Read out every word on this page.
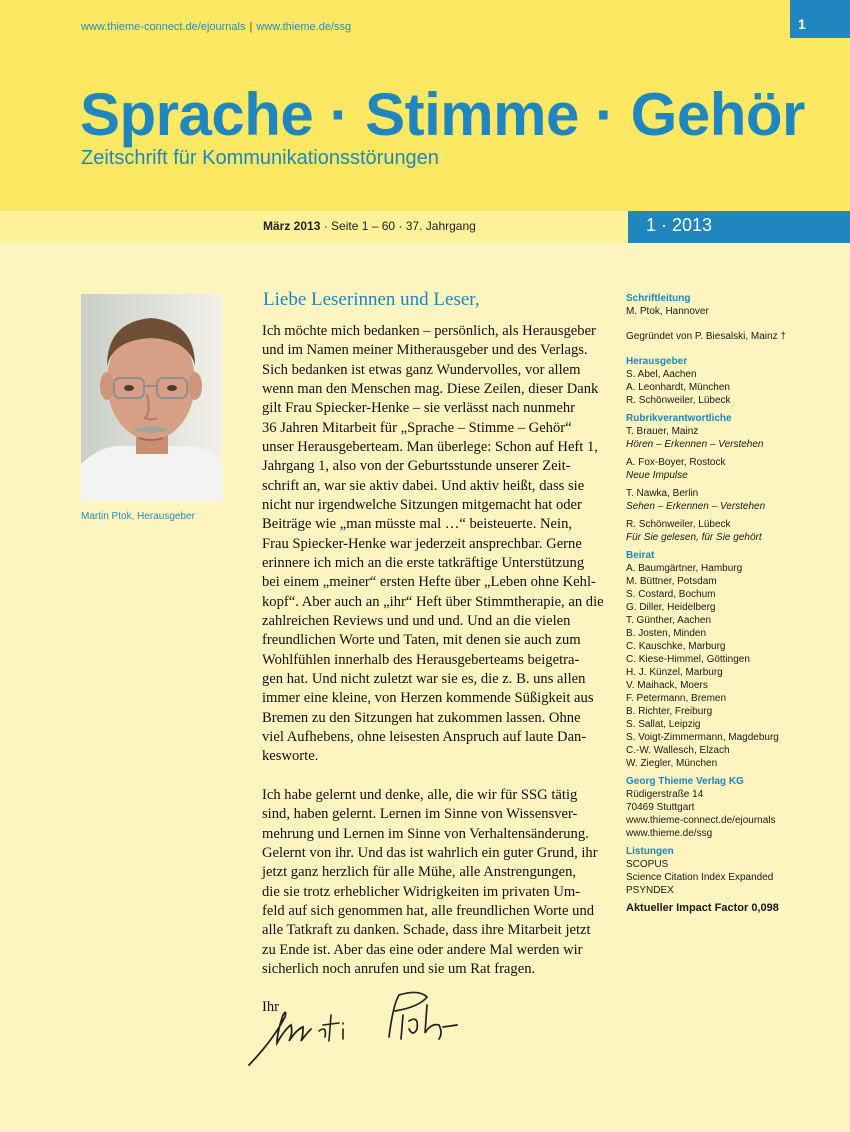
www.thieme-connect.de/ejournals | www.thieme.de/ssg	1
Sprache · Stimme · Gehör
Zeitschrift für Kommunikationsstörungen
März 2013 · Seite 1 – 60 · 37. Jahrgang	1 · 2013
Martin Ptok, Herausgeber
Liebe Leserinnen und Leser,
Ich möchte mich bedanken – persönlich, als Herausgeber
und im Namen meiner Mitherausgeber und des Verlags.
Sich bedanken ist etwas ganz Wundervolles, vor allem
wenn man den Menschen mag. Diese Zeilen, dieser Dank
gilt Frau Spiecker-Henke – sie verlässt nach nunmehr
36 Jahren Mitarbeit für „Sprache – Stimme – Gehör“
unser Herausgeberteam. Man überlege: Schon auf Heft 1,
Jahrgang 1, also von der Geburtsstunde unserer Zeit-
schrift an, war sie aktiv dabei. Und aktiv heißt, dass sie
nicht nur irgendwelche Sitzungen mitgemacht hat oder
Beiträge wie „man müsste mal …“ beisteuerte. Nein,
Frau Spiecker-Henke war jederzeit ansprechbar. Gerne
erinnere ich mich an die erste tatkräftige Unterstützung
bei einem „meiner“ ersten Hefte über „Leben ohne Kehl-
kopf“. Aber auch an „ihr“ Heft über Stimmtherapie, an die
zahlreichen Reviews und und und. Und an die vielen
freundlichen Worte und Taten, mit denen sie auch zum
Wohlfühlen innerhalb des Herausgeberteams beigetra-
gen hat. Und nicht zuletzt war sie es, die z. B. uns allen
immer eine kleine, von Herzen kommende Süßigkeit aus
Bremen zu den Sitzungen hat zukommen lassen. Ohne
viel Aufhebens, ohne leisesten Anspruch auf laute Dan-
kesworte.
Ich habe gelernt und denke, alle, die wir für SSG tätig
sind, haben gelernt. Lernen im Sinne von Wissensver-
mehrung und Lernen im Sinne von Verhaltensänderung.
Gelernt von ihr. Und das ist wahrlich ein guter Grund, ihr
jetzt ganz herzlich für alle Mühe, alle Anstrengungen,
die sie trotz erheblicher Widrigkeiten im privaten Um-
feld auf sich genommen hat, alle freundlichen Worte und
alle Tatkraft zu danken. Schade, dass ihre Mitarbeit jetzt
zu Ende ist. Aber das eine oder andere Mal werden wir
sicherlich noch anrufen und sie um Rat fragen.
Ihr
Schriftleitung
M. Ptok, Hannover
Gegründet von P. Biesalski, Mainz †
Herausgeber
S. Abel, Aachen
A. Leonhardt, München
R. Schönweiler, Lübeck
Rubrikverantwortliche
T. Brauer, Mainz
Hören – Erkennen – Verstehen
A. Fox-Boyer, Rostock
Neue Impulse
T. Nawka, Berlin
Sehen – Erkennen – Verstehen
R. Schönweiler, Lübeck
Für Sie gelesen, für Sie gehört
Beirat
A. Baumgärtner, Hamburg
M. Büttner, Potsdam
S. Costard, Bochum
G. Diller, Heidelberg
T. Günther, Aachen
B. Josten, Minden
C. Kauschke, Marburg
C. Kiese-Himmel, Göttingen
H. J. Künzel, Marburg
V. Maihack, Moers
F. Petermann, Bremen
B. Richter, Freiburg
S. Sallat, Leipzig
S. Voigt-Zimmermann, Magdeburg
C.-W. Wallesch, Elzach
W. Ziegler, München
Georg Thieme Verlag KG
Rüdigerstraße 14
70469 Stuttgart
www.thieme-connect.de/ejournals
www.thieme.de/ssg
Listungen
SCOPUS
Science Citation Index Expanded
PSYNDEX
Aktueller Impact Factor 0,098
